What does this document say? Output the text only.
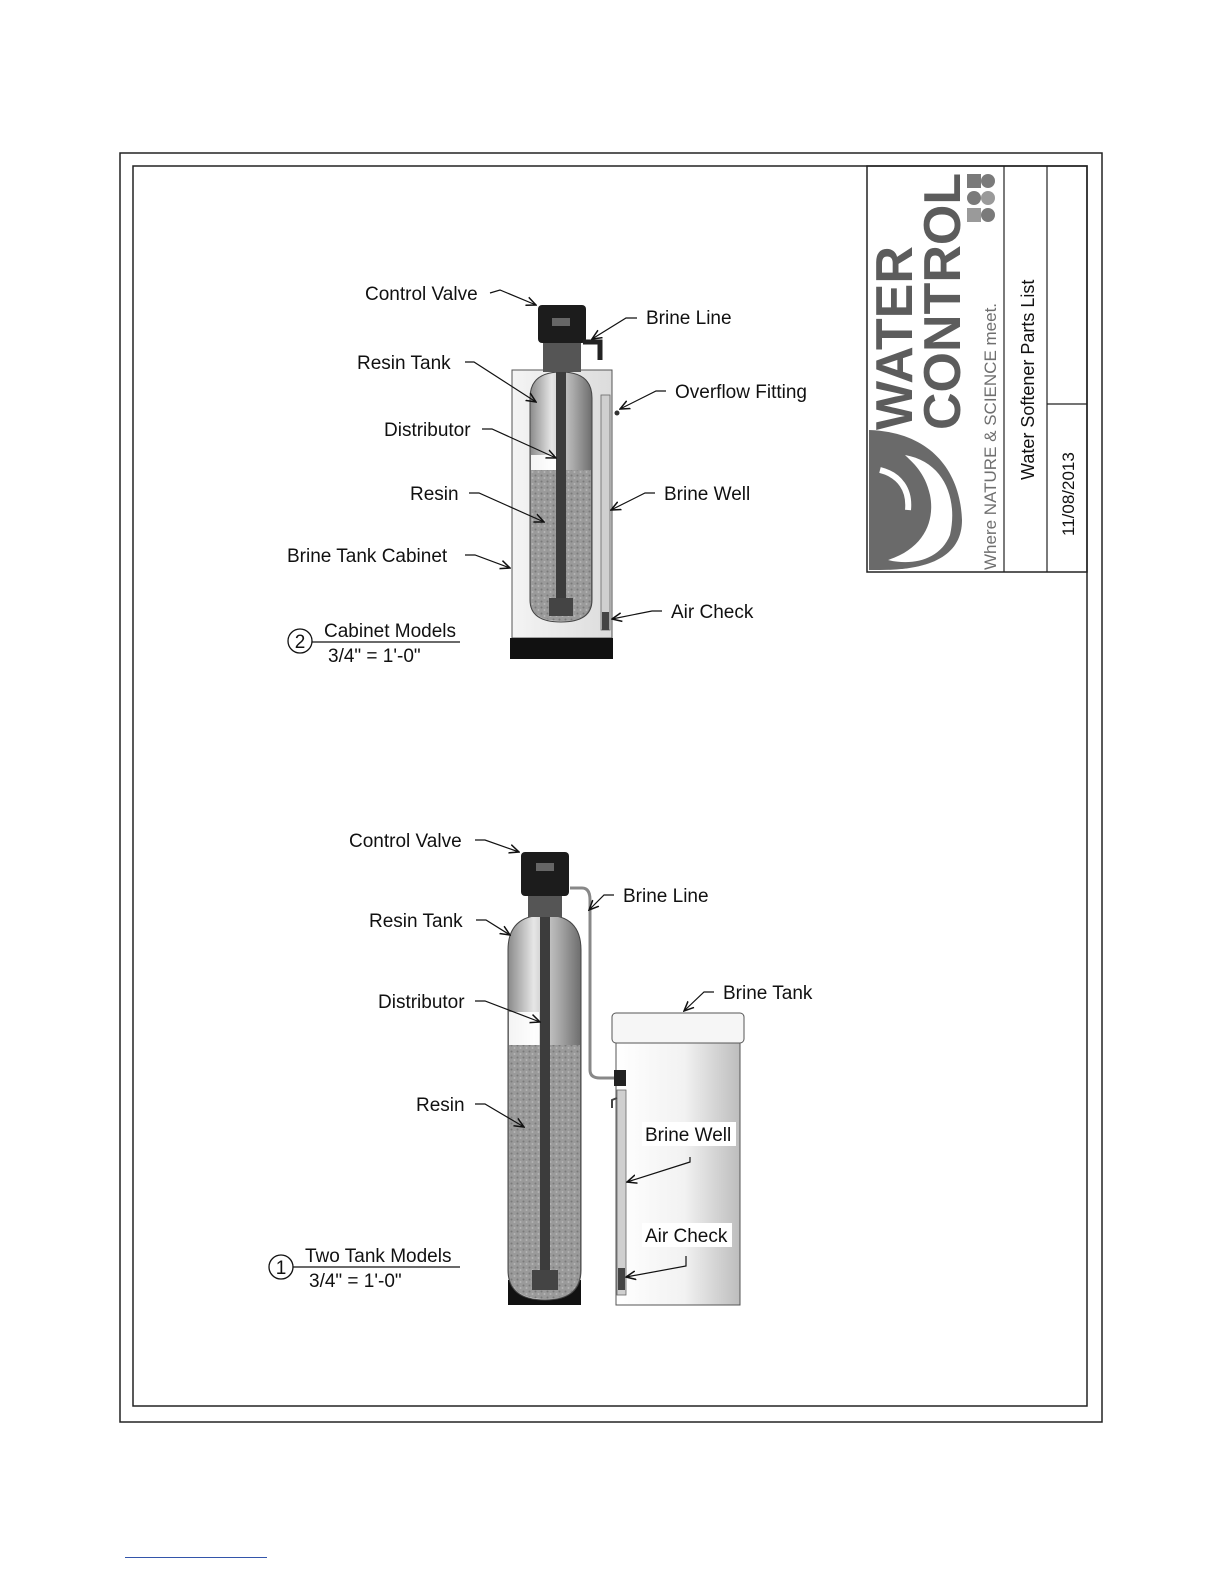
WATER
CONTROL
Where NATURE & SCIENCE meet. Water Softener Parts List
11/08/2013
Control Valve
Brine Line
Resin Tank
Overflow Fitting
Distributor
Resin	Brine Well
Brine Tank Cabinet
Air Check
2
Cabinet Models
3/4" = 1'-0"
Control Valve
Brine Line
Resin Tank
Brine Tank
Distributor
Resin
Brine Well
Air Check
1
Two Tank Models
3/4" = 1'-0"
